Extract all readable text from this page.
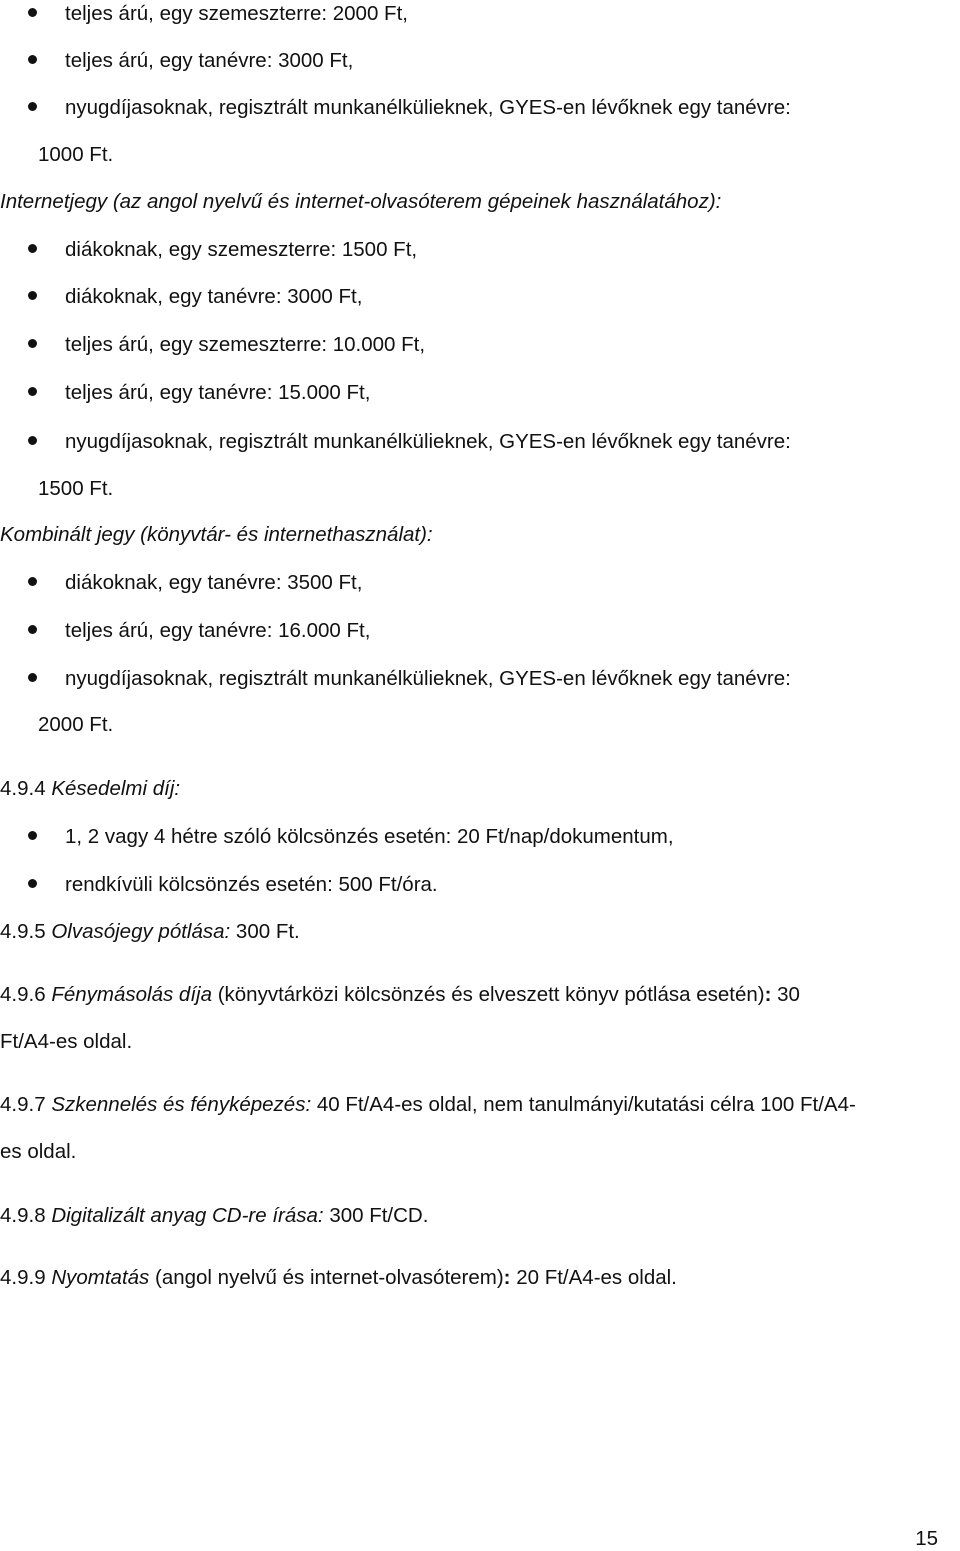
teljes árú, egy szemeszterre: 2000 Ft,
teljes árú, egy tanévre: 3000 Ft,
nyugdíjasoknak, regisztrált munkanélkülieknek, GYES-en lévőknek egy tanévre:
1000 Ft.
Internetjegy (az angol nyelvű és internet-olvasóterem gépeinek használatához):
diákoknak, egy szemeszterre: 1500 Ft,
diákoknak, egy tanévre: 3000 Ft,
teljes árú, egy szemeszterre: 10.000 Ft,
teljes árú, egy tanévre: 15.000 Ft,
nyugdíjasoknak, regisztrált munkanélkülieknek, GYES-en lévőknek egy tanévre:
1500 Ft.
Kombinált jegy (könyvtár- és internethasználat):
diákoknak, egy tanévre: 3500 Ft,
teljes árú, egy tanévre: 16.000 Ft,
nyugdíjasoknak, regisztrált munkanélkülieknek, GYES-en lévőknek egy tanévre:
2000 Ft.
4.9.4 Késedelmi díj:
1, 2 vagy 4 hétre szóló kölcsönzés esetén: 20 Ft/nap/dokumentum,
rendkívüli kölcsönzés esetén: 500 Ft/óra.
4.9.5 Olvasójegy pótlása: 300 Ft.
4.9.6 Fénymásolás díja (könyvtárközi kölcsönzés és elveszett könyv pótlása esetén): 30
Ft/A4-es oldal.
4.9.7 Szkennelés és fényképezés: 40 Ft/A4-es oldal, nem tanulmányi/kutatási célra 100 Ft/A4-
es oldal.
4.9.8 Digitalizált anyag CD-re írása: 300 Ft/CD.
4.9.9 Nyomtatás (angol nyelvű és internet-olvasóterem): 20 Ft/A4-es oldal.
15
